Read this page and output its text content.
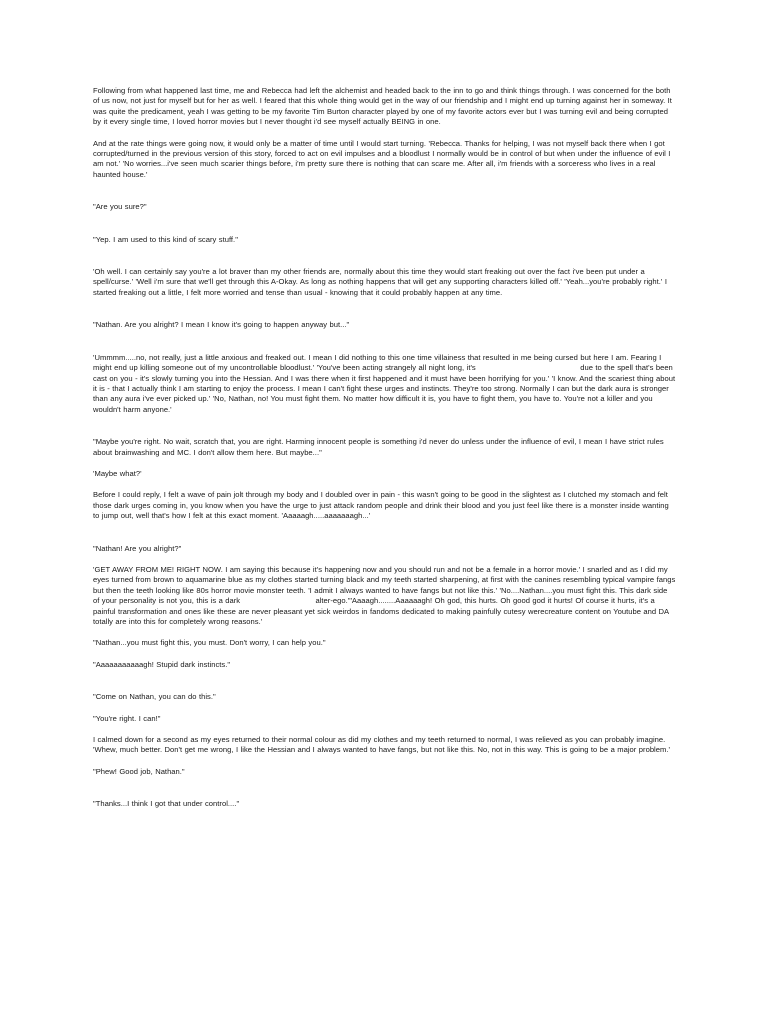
Following from what happened last time, me and Rebecca had left the alchemist and headed back to the inn to go and think things through. I was concerned for the both of us now, not just for myself but for her as well. I feared that this whole thing would get in the way of our friendship and I might end up turning against her in someway. It was quite the predicament, yeah I was getting to be my favorite Tim Burton character played by one of my favorite actors ever but I was turning evil and being corrupted by it every single time, I loved horror movies but I never thought i'd see myself actually BEING in one.

And at the rate things were going now, it would only be a matter of time until I would start turning. 'Rebecca. Thanks for helping, I was not myself back there when I got corrupted/turned in the previous version of this story, forced to act on evil impulses and a bloodlust I normally would be in control of but when under the influence of evil I am not.' 'No worries...i've seen much scarier things before, i'm pretty sure there is nothing that can scare me. After all, i'm friends with a sorceress who lives in a real haunted house.'

"Are you sure?"

"Yep. I am used to this kind of scary stuff."

'Oh well. I can certainly say you're a lot braver than my other friends are, normally about this time they would start freaking out over the fact i've been put under a spell/curse.' 'Well i'm sure that we'll get through this A-Okay. As long as nothing happens that will get any supporting characters killed off.' 'Yeah...you're probably right.' I started freaking out a little, I felt more worried and tense than usual - knowing that it could probably happen at any time.

"Nathan. Are you alright? I mean I know it's going to happen anyway but..."

'Ummmm.....no, not really, just a little anxious and freaked out. I mean I did nothing to this one time villainess that resulted in me being cursed but here I am. Fearing I might end up killing someone out of my uncontrollable bloodlust.' 'You've been acting strangely all night long, it's                                           due to the spell that's been cast on you - it's slowly turning you into the Hessian. And I was there when it first happened and it must have been horrifying for you.' 'I know. And the scariest thing about it is - that I actually think I am starting to enjoy the process. I mean I can't fight these urges and instincts. They're too strong. Normally I can but the dark aura is stronger than any aura i've ever picked up.' 'No, Nathan, no! You must fight them. No matter how difficult it is, you have to fight them, you have to. You're not a killer and you wouldn't harm anyone.'

"Maybe you're right. No wait, scratch that, you are right. Harming innocent people is something i'd never do unless under the influence of evil, I mean I have strict rules about brainwashing and MC. I don't allow them here. But maybe..."

'Maybe what?'

Before I could reply, I felt a wave of pain jolt through my body and I doubled over in pain - this wasn't going to be good in the slightest as I clutched my stomach and felt those dark urges coming in, you know when you have the urge to just attack random people and drink their blood and you just feel like there is a monster inside wanting to jump out, well that's how I felt at this exact moment. 'Aaaaagh.....aaaaaaagh...'

"Nathan! Are you alright?"

'GET AWAY FROM ME! RIGHT NOW. I am saying this because it's happening now and you should run and not be a female in a horror movie.' I snarled and as I did my eyes turned from brown to aquamarine blue as my clothes started turning black and my teeth started sharpening, at first with the canines resembling typical vampire fangs but then the teeth looking like 80s horror movie monster teeth. 'I admit I always wanted to have fangs but not like this.' 'No....Nathan....you must fight this. This dark side of your personality is not you, this is a dark                               alter-ego.'"Aaaagh........Aaaaaagh! Oh god, this hurts. Oh good god it hurts! Of course it hurts, it's a painful transformation and ones like these are never pleasant yet sick weirdos in fandoms dedicated to making painfully cutesy werecreature content on Youtube and DA totally are into this for completely wrong reasons.'

"Nathan...you must fight this, you must. Don't worry, I can help you."

"Aaaaaaaaaaagh! Stupid dark instincts."

"Come on Nathan, you can do this."

"You're right. I can!"

I calmed down for a second as my eyes returned to their normal colour as did my clothes and my teeth returned to normal, I was relieved as you can probably imagine. 'Whew, much better. Don't get me wrong, I like the Hessian and I always wanted to have fangs, but not like this. No, not in this way. This is going to be a major problem.'

"Phew! Good job, Nathan."

"Thanks...I think I got that under control...."
